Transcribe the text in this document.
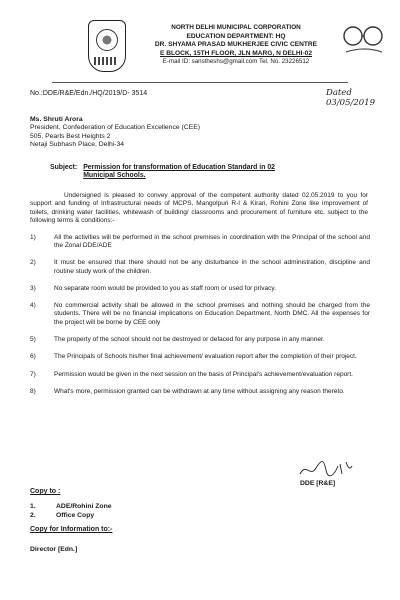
NORTH DELHI MUNICIPAL CORPORATION
EDUCATION DEPARTMENT: HQ
DR. SHYAMA PRASAD MUKHERJEE CIVIC CENTRE
E BLOCK, 15TH FLOOR, JLN MARG, N DELHI-02
E-mail ID: sanstheshs@gmail.com Tel. No. 23226512
No.:DDE/R&E/Edn./HQ/2019/D- 3514	Dated 03/05/2019
Ms. Shruti Arora
President, Confederation of Education Excellence (CEE)
505, Pearls Best Heights 2
Netaji Subhash Place, Delhi-34
Subject: Permission for transformation of Education Standard in 02 Municipal Schools.
Undersigned is pleased to convey approval of the competent authority dated 02.05.2019 to you for support and funding of Infrastructural needs of MCPS, Mangolpuri R-I & Kirari, Rohini Zone like improvement of toilets, drinking water facilities, whitewash of building/ classrooms and procurement of furniture etc. subject to the following terms & conditions:-
1)	All the activities will be performed in the school premises in coordination with the Principal of the school and the Zonal DDE/ADE
2)	It must be ensured that there should not be any disturbance in the school administration, discipline and routine study work of the children.
3)	No separate room would be provided to you as staff room or used for privacy.
4)	No commercial activity shall be allowed in the school premises and nothing should be charged from the students. There will be no financial implications on Education Department, North DMC. All the expenses for the project will be borne by CEE only
5)	The property of the school should not be destroyed or defaced for any purpose in any manner.
6)	The Principals of Schools his/her final achievement/ evaluation report after the completion of their project.
7)	Permission would be given in the next session on the basis of Principal's achievement/evaluation report.
8)	What's more, permission granted can be withdrawn at any time without assigning any reason thereto.
DDE [R&E]
Copy to :
1.	ADE/Rohini Zone
2.	Office Copy
Copy for Information to:-
Director [Edn.]
